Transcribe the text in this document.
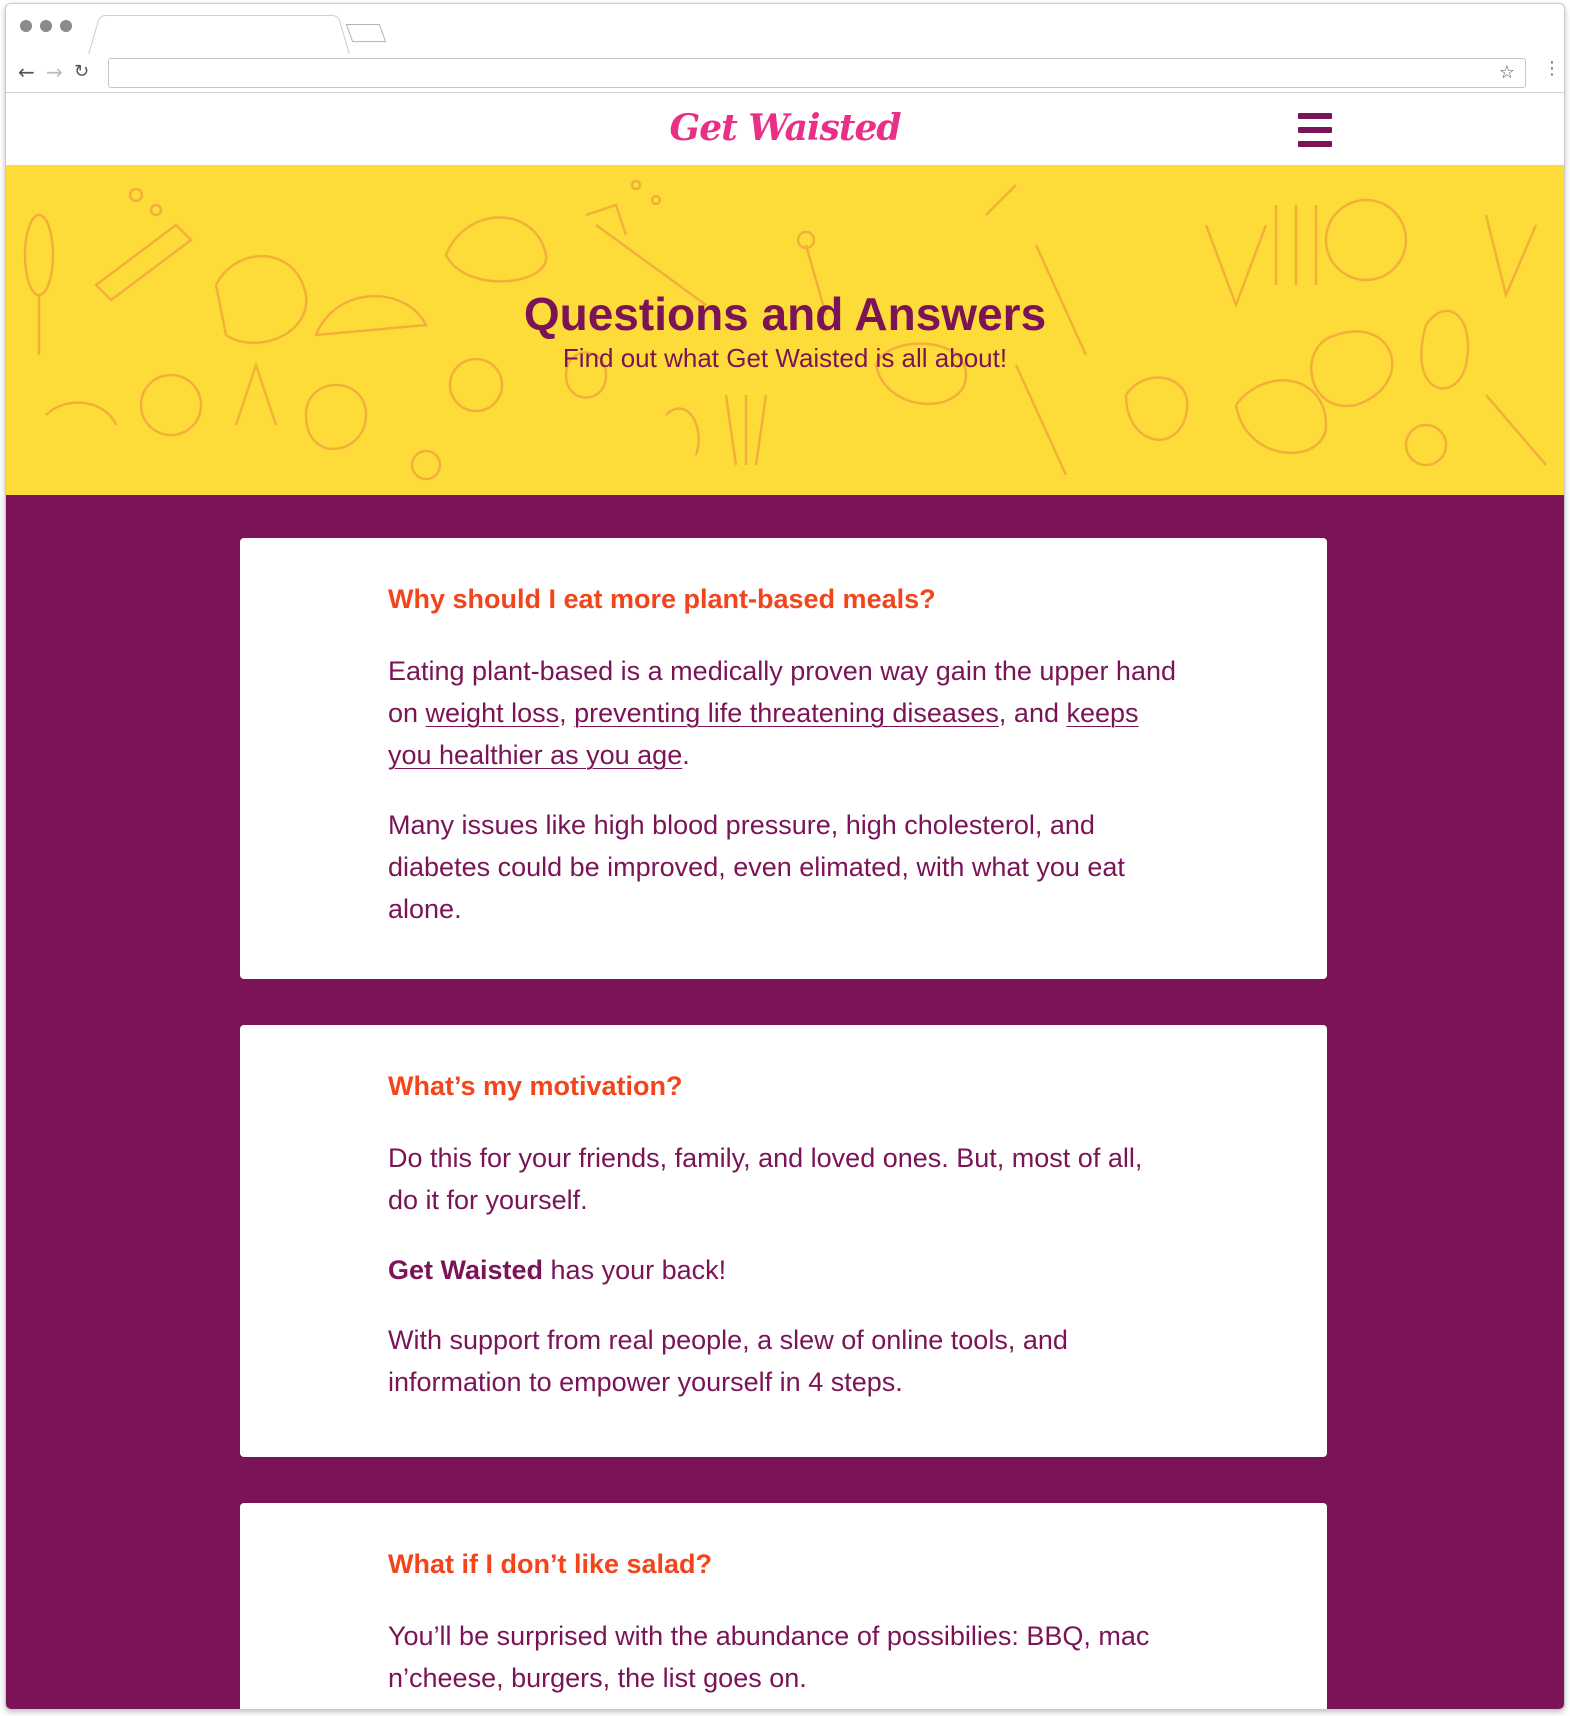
← → ↻	☆ ⋮
Get Waisted
Questions and Answers
Find out what Get Waisted is all about!
Why should I eat more plant-based meals?

Eating plant-based is a medically proven way gain the upper hand on weight loss, preventing life threatening diseases, and keeps you healthier as you age.

Many issues like high blood pressure, high cholesterol, and diabetes could be improved, even elimated, with what you eat alone.

What’s my motivation?

Do this for your friends, family, and loved ones. But, most of all, do it for yourself.

Get Waisted has your back!

With support from real people, a slew of online tools, and information to empower yourself in 4 steps.

What if I don’t like salad?

You’ll be surprised with the abundance of possibilies: BBQ, mac n’cheese, burgers, the list goes on.
